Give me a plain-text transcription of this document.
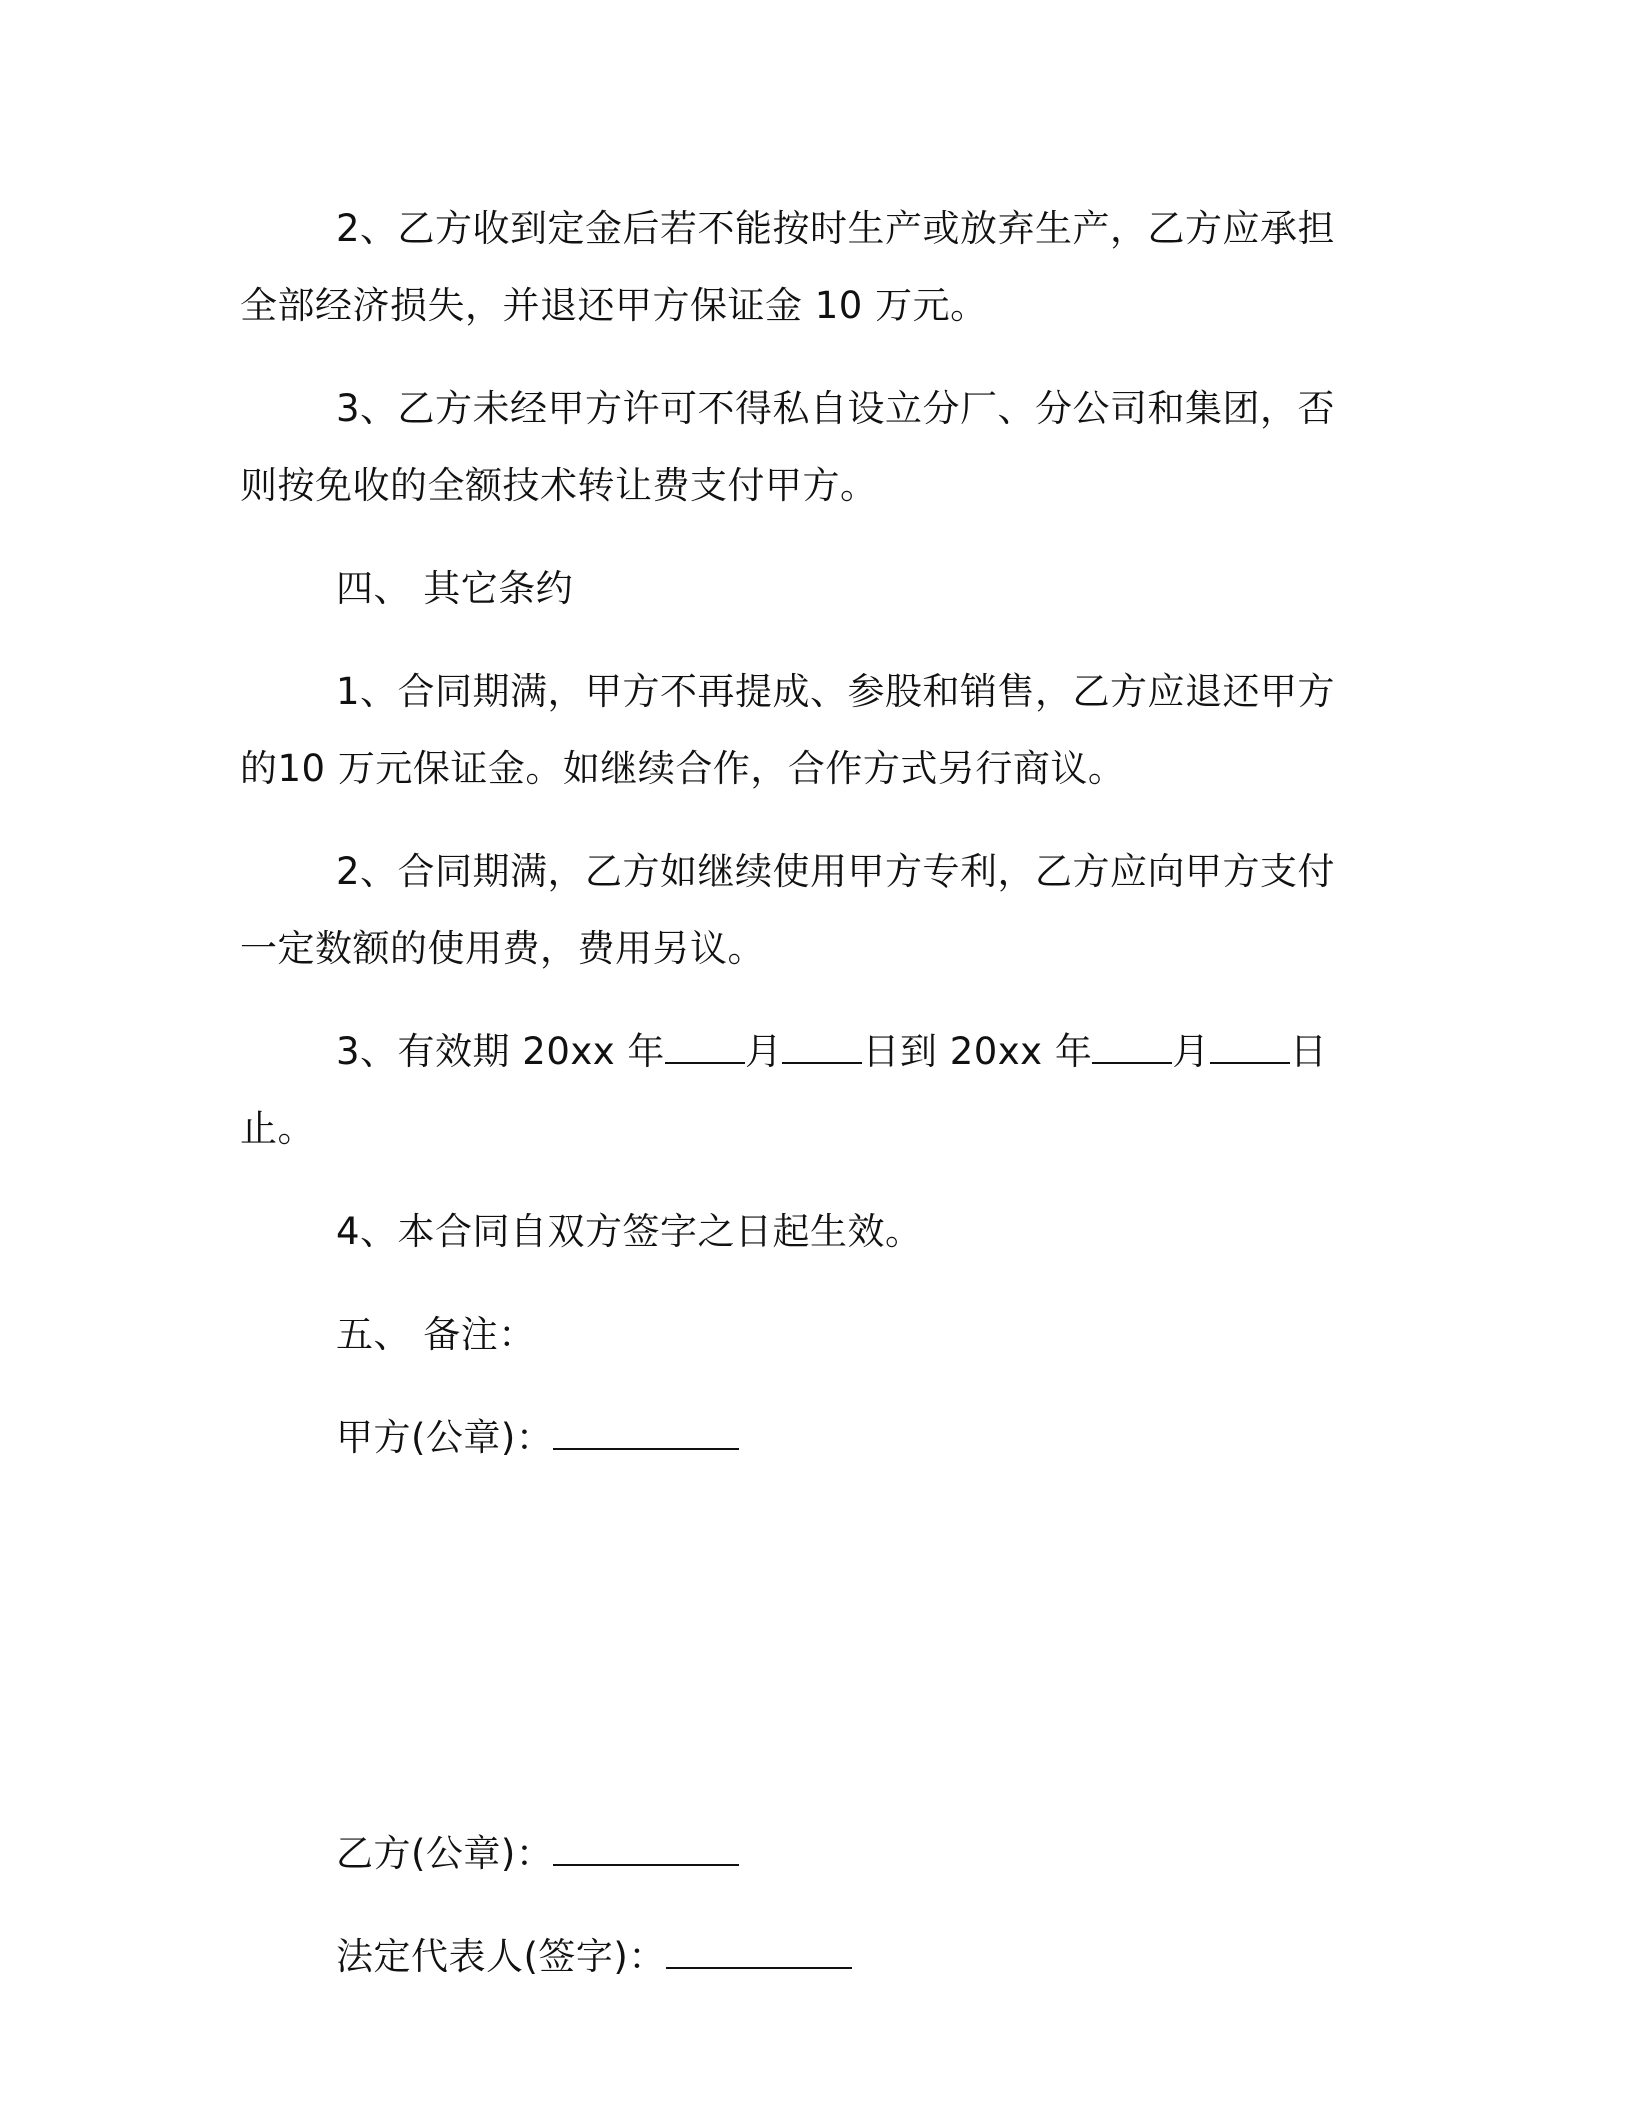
2、乙方收到定金后若不能按时生产或放弃生产，乙方应承担全部经济损失，并退还甲方保证金 10 万元。

3、乙方未经甲方许可不得私自设立分厂、分公司和集团，否则按免收的全额技术转让费支付甲方。

四、 其它条约

1、合同期满，甲方不再提成、参股和销售，乙方应退还甲方的10 万元保证金。如继续合作，合作方式另行商议。

2、合同期满，乙方如继续使用甲方专利，乙方应向甲方支付一定数额的使用费，费用另议。

3、有效期 20xx 年 月 日到 20xx 年 月 日止。

4、本合同自双方签字之日起生效。

五、 备注：

甲方(公章)：

乙方(公章)：

法定代表人(签字)：
